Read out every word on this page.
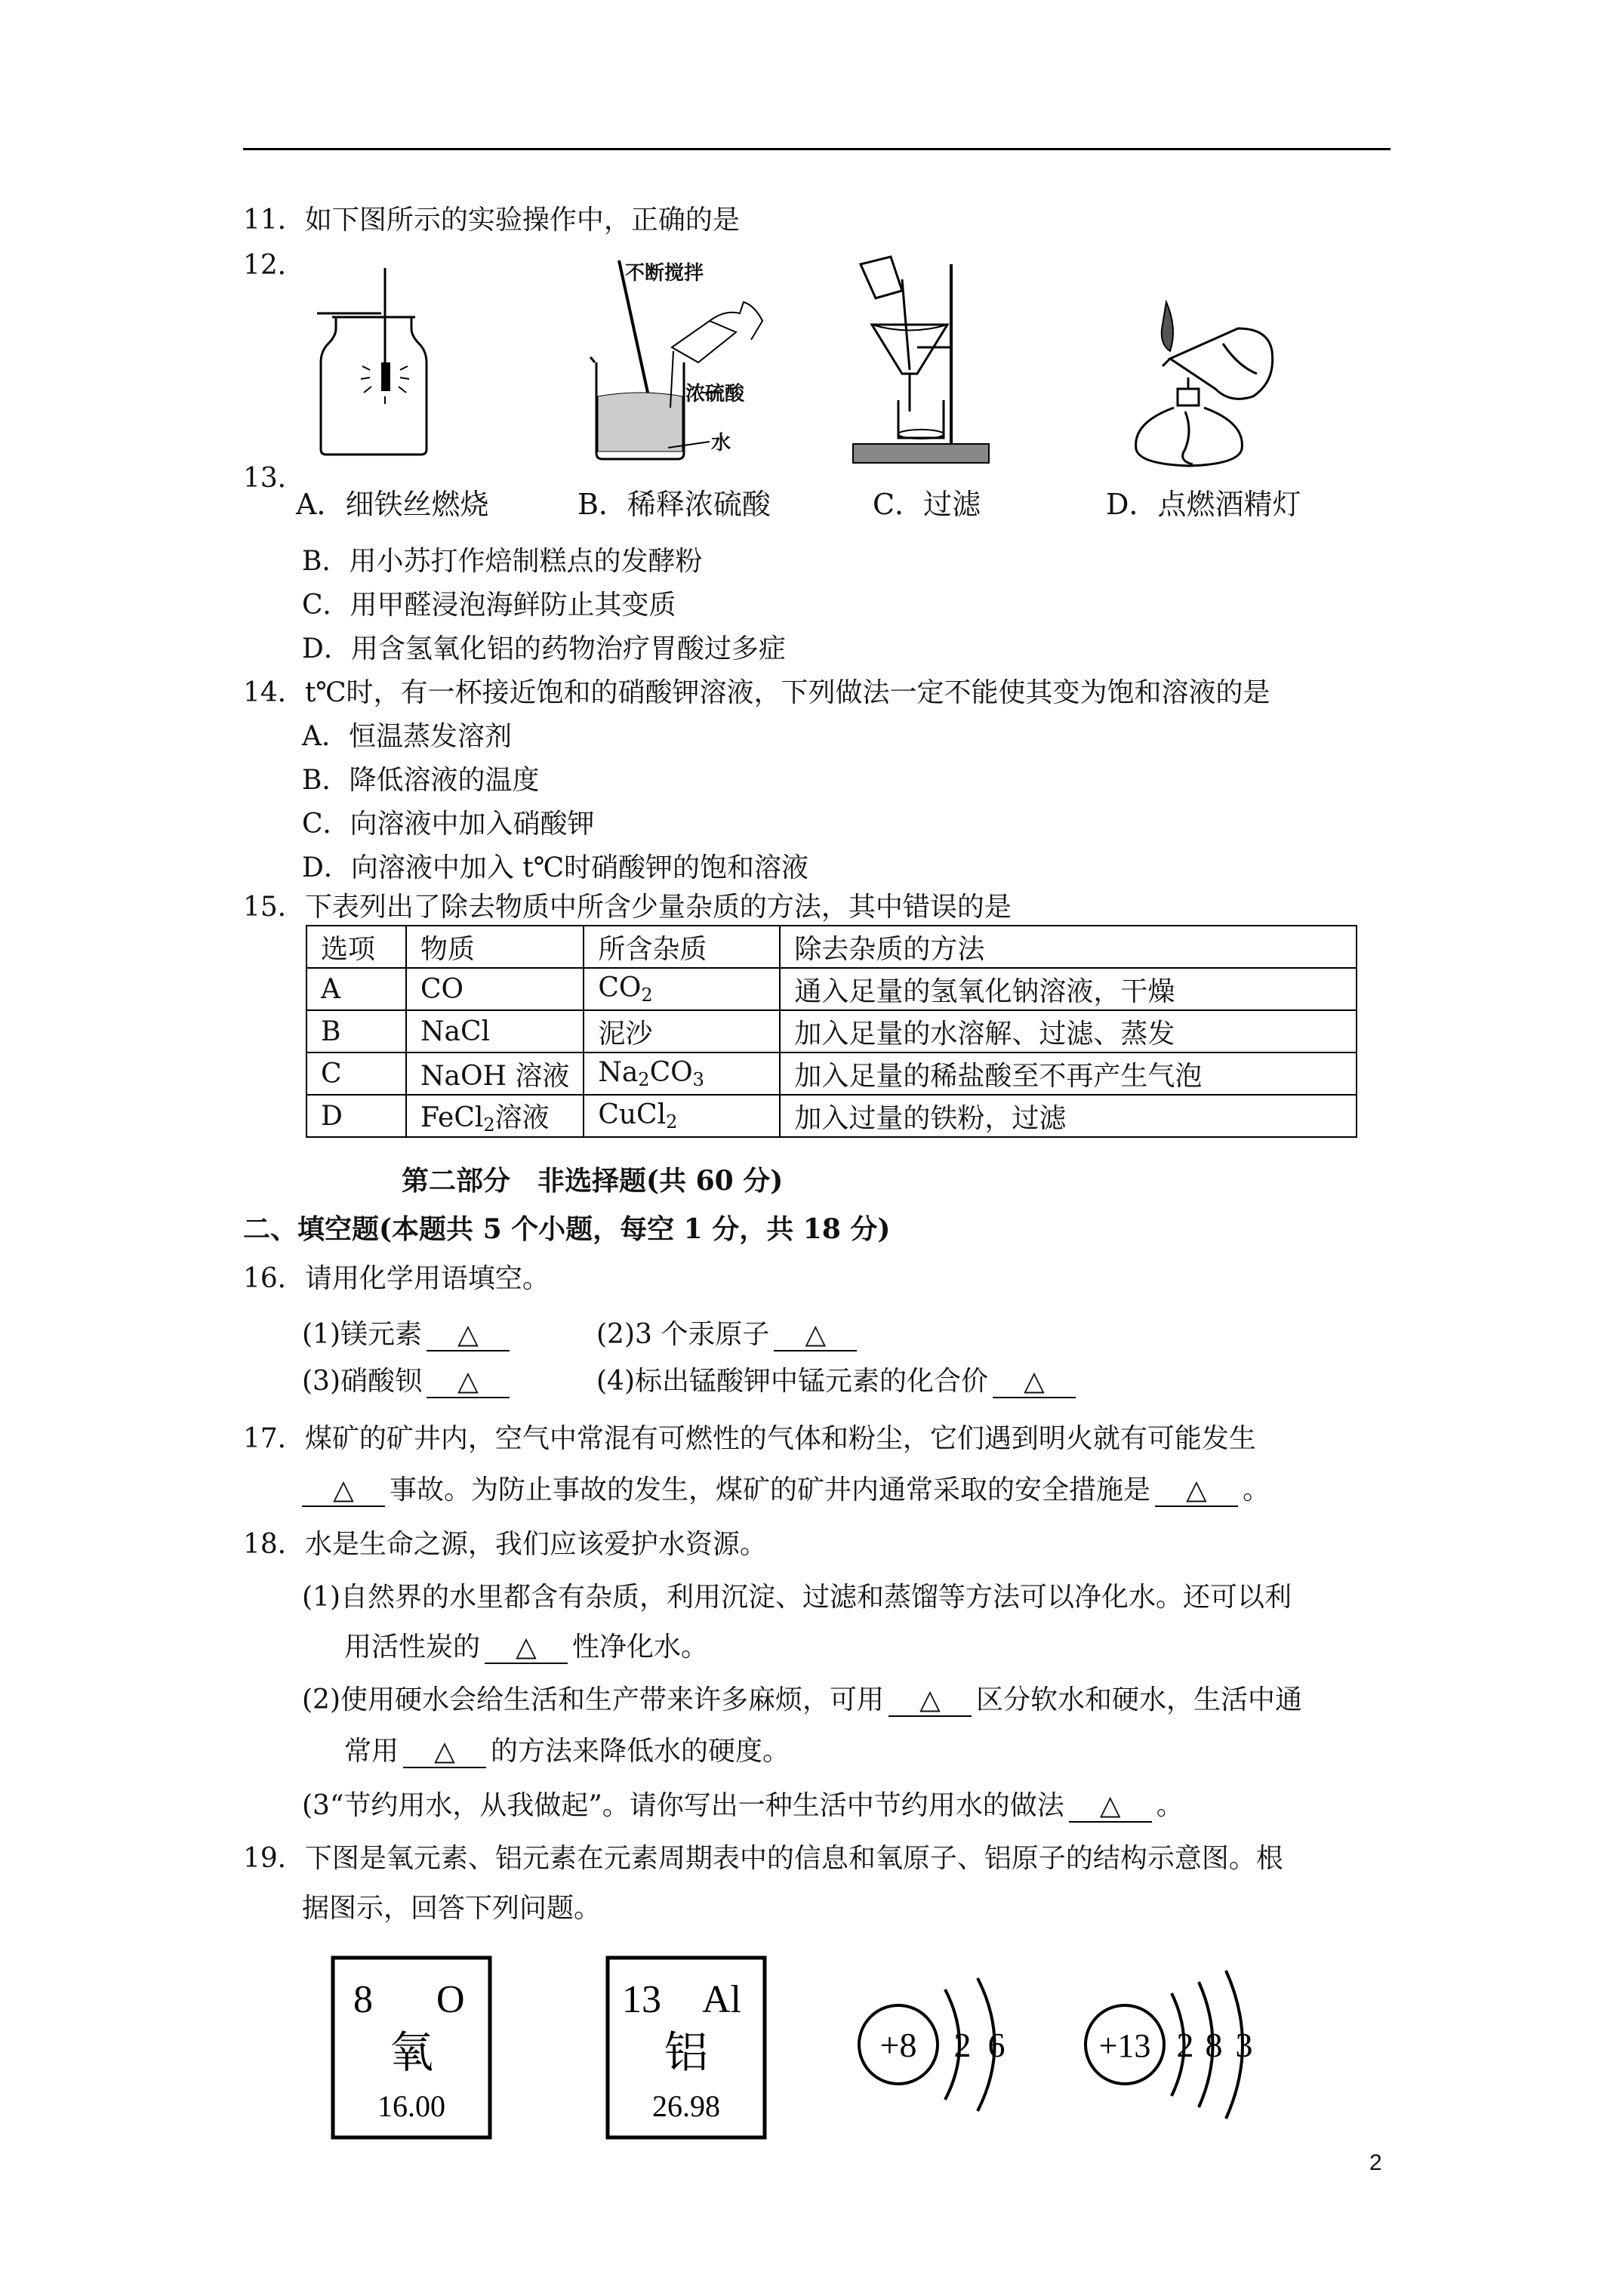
11．如下图所示的实验操作中，正确的是
12．
13．
不断搅拌
浓硫酸
水
A．细铁丝燃烧	B．稀释浓硫酸	C．过滤	D．点燃酒精灯
B．用小苏打作焙制糕点的发酵粉
C．用甲醛浸泡海鲜防止其变质
D．用含氢氧化铝的药物治疗胃酸过多症
14．t℃时，有一杯接近饱和的硝酸钾溶液，下列做法一定不能使其变为饱和溶液的是
A．恒温蒸发溶剂
B．降低溶液的温度
C．向溶液中加入硝酸钾
D．向溶液中加入 t℃时硝酸钾的饱和溶液
15．下表列出了除去物质中所含少量杂质的方法，其中错误的是
选项	物质	所含杂质	除去杂质的方法
A	CO	$CO_2$	通入足量的氢氧化钠溶液，干燥
B	NaCl	泥沙	加入足量的水溶解、过滤、蒸发
C	NaOH 溶液	$Na_2CO_3$	加入足量的稀盐酸至不再产生气泡
D	FeCl$_2$溶液	CuCl$_2$	加入过量的铁粉，过滤
第二部分　非选择题(共 60 分)
二、填空题(本题共 5 个小题，每空 1 分，共 18 分)
16．请用化学用语填空。
(1)镁元素 △	(2)3 个汞原子 △
(3)硝酸钡 △	(4)标出锰酸钾中锰元素的化合价 △
17．煤矿的矿井内，空气中常混有可燃性的气体和粉尘，它们遇到明火就有可能发生
△ 事故。为防止事故的发生，煤矿的矿井内通常采取的安全措施是 △ 。
18．水是生命之源，我们应该爱护水资源。
(1)自然界的水里都含有杂质，利用沉淀、过滤和蒸馏等方法可以净化水。还可以利
用活性炭的 △ 性净化水。
(2)使用硬水会给生活和生产带来许多麻烦，可用 △ 区分软水和硬水，生活中通
常用 △ 的方法来降低水的硬度。
(3“节约用水，从我做起”。请你写出一种生活中节约用水的做法 △ 。
19．下图是氧元素、铝元素在元素周期表中的信息和氧原子、铝原子的结构示意图。根
据图示，回答下列问题。
8 O
氧
16.00
13 Al
铝
26.98
+8 2 6	+13 2 8 3
2
